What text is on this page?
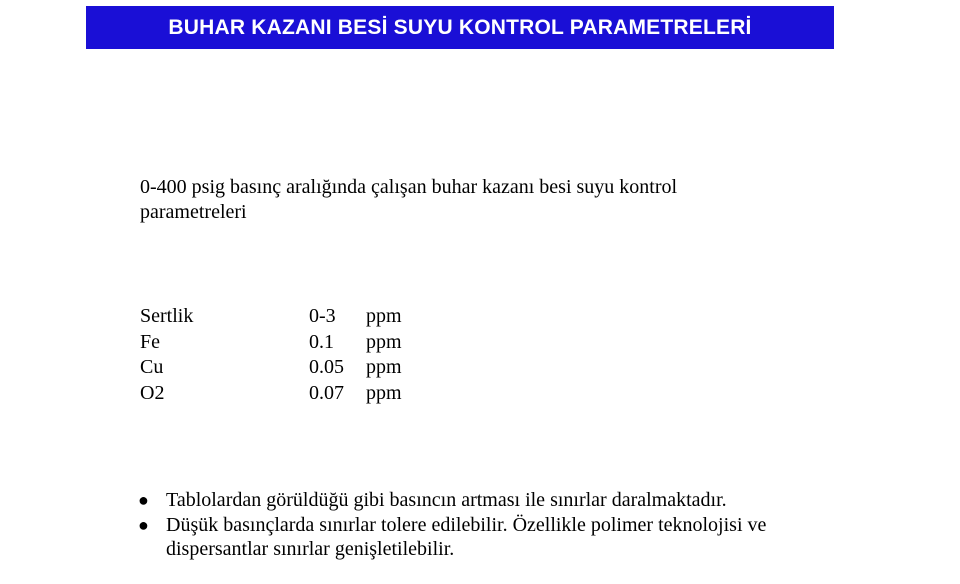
BUHAR KAZANI BESİ SUYU KONTROL PARAMETRELERİ
0-400 psig basınç aralığında çalışan buhar kazanı besi suyu kontrol
parametreleri
Sertlik	0-3	ppm
Fe	0.1	ppm
Cu	0.05	ppm
O2	0.07	ppm
● Tablolardan görüldüğü gibi basıncın artması ile sınırlar daralmaktadır.
● Düşük basınçlarda sınırlar tolere edilebilir. Özellikle polimer teknolojisi ve
dispersantlar sınırlar genişletilebilir.
